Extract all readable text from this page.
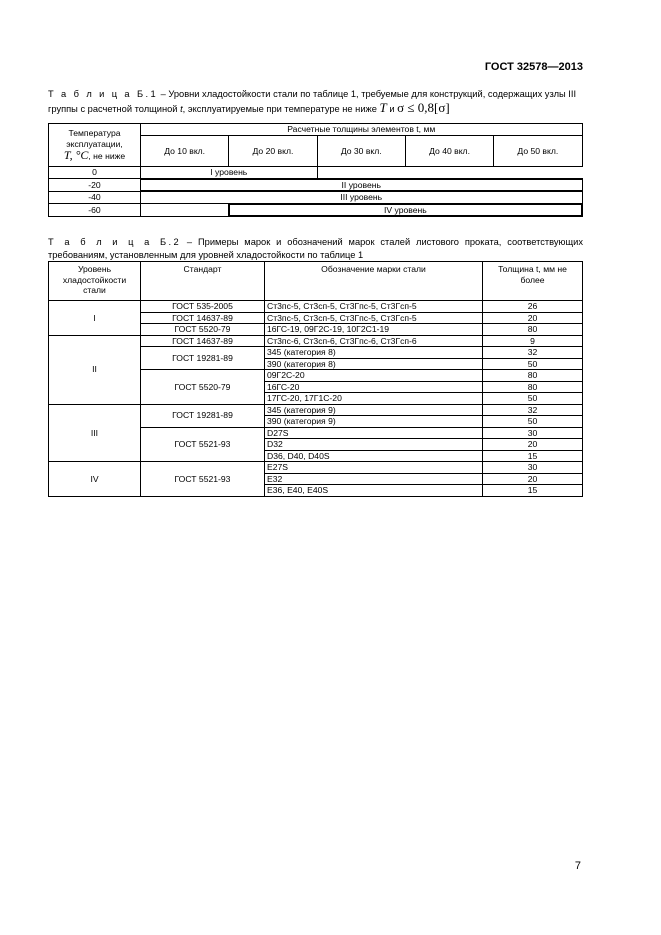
ГОСТ 32578—2013
Т а б л и ц а Б.1 – Уровни хладостойкости стали по таблице 1, требуемые для конструкций, содержащих узлы III группы с расчетной толщиной t, эксплуатируемые при температуре не ниже T и σ ≤ 0,8[σ]
Температура
эксплуатации,
T, °C, не ниже	Расчетные толщины элементов t, мм				
	До 10 вкл.	До 20 вкл.	До 30 вкл.	До 40 вкл.	До 50 вкл.
0	I уровень				
-20	II уровень				
-40	III уровень				
-60		IV уровень			
Т а б л и ц а Б.2 – Примеры марок и обозначений марок сталей листового проката, соответствующих требованиям, установленным для уровней хладостойкости по таблице 1
Уровень хладостойкости стали	Стандарт	Обозначение марки стали	Толщина t, мм не более
I	ГОСТ 535-2005	Ст3пс-5, Ст3сп-5, Ст3Гпс-5, Ст3Гсп-5	26
	ГОСТ 14637-89	Ст3пс-5, Ст3сп-5, Ст3Гпс-5, Ст3Гсп-5	20
	ГОСТ 5520-79	16ГС-19, 09Г2С-19, 10Г2С1-19	80
II	ГОСТ 14637-89	Ст3пс-6, Ст3сп-6, Ст3Гпс-6, Ст3Гсп-6	9
	ГОСТ 19281-89	345 (категория 8)	32
		390 (категория 8)	50
	ГОСТ 5520-79	09Г2С-20	80
		16ГС-20	80
		17ГС-20, 17Г1С-20	50
III	ГОСТ 19281-89	345 (категория 9)	32
		390 (категория 9)	50
	ГОСТ 5521-93	D27S	30
		D32	20
		D36, D40, D40S	15
IV	ГОСТ 5521-93	E27S	30
		E32	20
		E36, E40, E40S	15
7
